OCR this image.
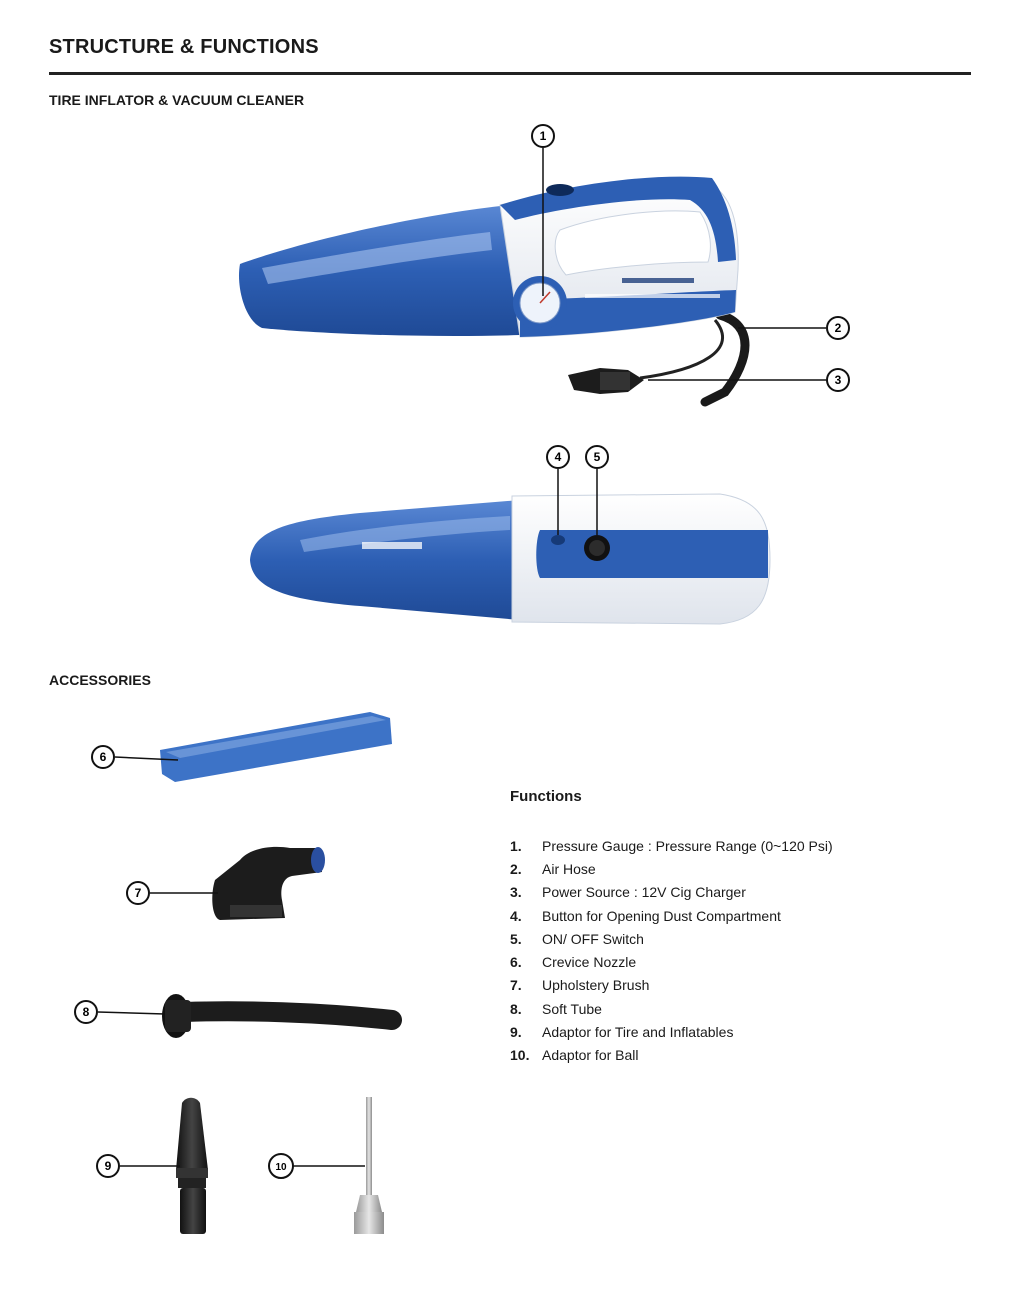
STRUCTURE & FUNCTIONS
TIRE INFLATOR & VACUUM CLEANER
ACCESSORIES
1
2
3
4	5
6
7
8
9	10
Functions
1.	Pressure Gauge : Pressure Range (0~120 Psi)
2.	Air Hose
3.	Power Source : 12V Cig Charger
4.	Button for Opening Dust Compartment
5.	ON/ OFF Switch
6.	Crevice Nozzle
7.	Upholstery Brush
8.	Soft Tube
9.	Adaptor for Tire and Inflatables
10. Adaptor for Ball
